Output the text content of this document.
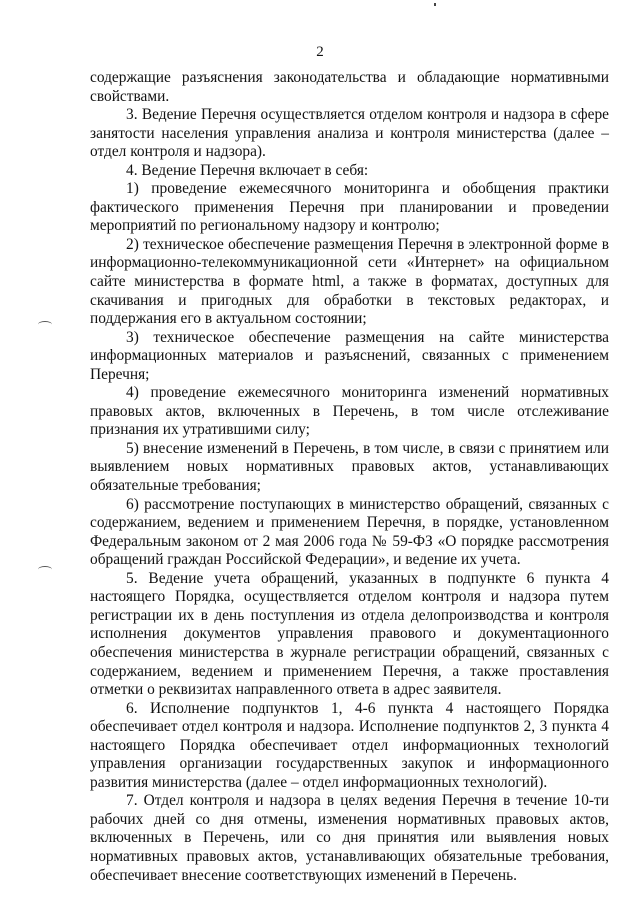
2

содержащие разъяснения законодательства и обладающие нормативными свойствами.

3. Ведение Перечня осуществляется отделом контроля и надзора в сфере занятости населения управления анализа и контроля министерства (далее – отдел контроля и надзора).

4. Ведение Перечня включает в себя:

1) проведение ежемесячного мониторинга и обобщения практики фактического применения Перечня при планировании и проведении мероприятий по региональному надзору и контролю;

2) техническое обеспечение размещения Перечня в электронной форме в информационно-телекоммуникационной сети «Интернет» на официальном сайте министерства в формате html, а также в форматах, доступных для скачивания и пригодных для обработки в текстовых редакторах, и поддержания его в актуальном состоянии;

3) техническое обеспечение размещения на сайте министерства информационных материалов и разъяснений, связанных с применением Перечня;

4) проведение ежемесячного мониторинга изменений нормативных правовых актов, включенных в Перечень, в том числе отслеживание признания их утратившими силу;

5) внесение изменений в Перечень, в том числе, в связи с принятием или выявлением новых нормативных правовых актов, устанавливающих обязательные требования;

6) рассмотрение поступающих в министерство обращений, связанных с содержанием, ведением и применением Перечня, в порядке, установленном Федеральным законом от 2 мая 2006 года № 59-ФЗ «О порядке рассмотрения обращений граждан Российской Федерации», и ведение их учета.

5. Ведение учета обращений, указанных в подпункте 6 пункта 4 настоящего Порядка, осуществляется отделом контроля и надзора путем регистрации их в день поступления из отдела делопроизводства и контроля исполнения документов управления правового и документационного обеспечения министерства в журнале регистрации обращений, связанных с содержанием, ведением и применением Перечня, а также проставления отметки о реквизитах направленного ответа в адрес заявителя.

6. Исполнение подпунктов 1, 4-6 пункта 4 настоящего Порядка обеспечивает отдел контроля и надзора. Исполнение подпунктов 2, 3 пункта 4 настоящего Порядка обеспечивает отдел информационных технологий управления организации государственных закупок и информационного развития министерства (далее – отдел информационных технологий).

7. Отдел контроля и надзора в целях ведения Перечня в течение 10-ти рабочих дней со дня отмены, изменения нормативных правовых актов, включенных в Перечень, или со дня принятия или выявления новых нормативных правовых актов, устанавливающих обязательные требования, обеспечивает внесение соответствующих изменений в Перечень.
